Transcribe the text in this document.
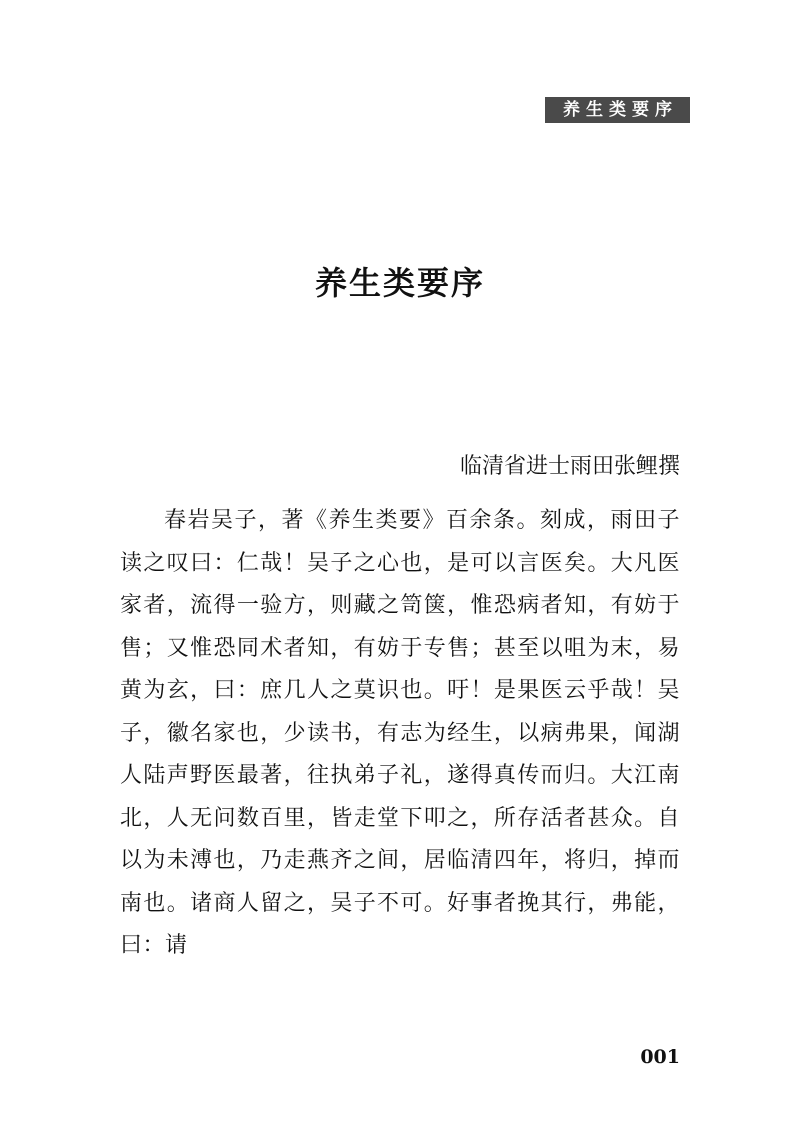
养生类要序
养生类要序
临清省进士雨田张鲤撰

春岩吴子，著《养生类要》百余条。刻成，雨田子读之叹曰：仁哉！吴子之心也，是可以言医矣。大凡医家者，流得一验方，则藏之笥箧，惟恐病者知，有妨于售；又惟恐同术者知，有妨于专售；甚至以咀为末，易黄为玄，曰：庶几人之莫识也。吁！是果医云乎哉！吴子，徽名家也，少读书，有志为经生，以病弗果，闻湖人陆声野医最著，往执弟子礼，遂得真传而归。大江南北，人无问数百里，皆走堂下叩之，所存活者甚众。自以为未溥也，乃走燕齐之间，居临清四年，将归，掉而南也。诸商人留之，吴子不可。好事者挽其行，弗能，曰：请

001
